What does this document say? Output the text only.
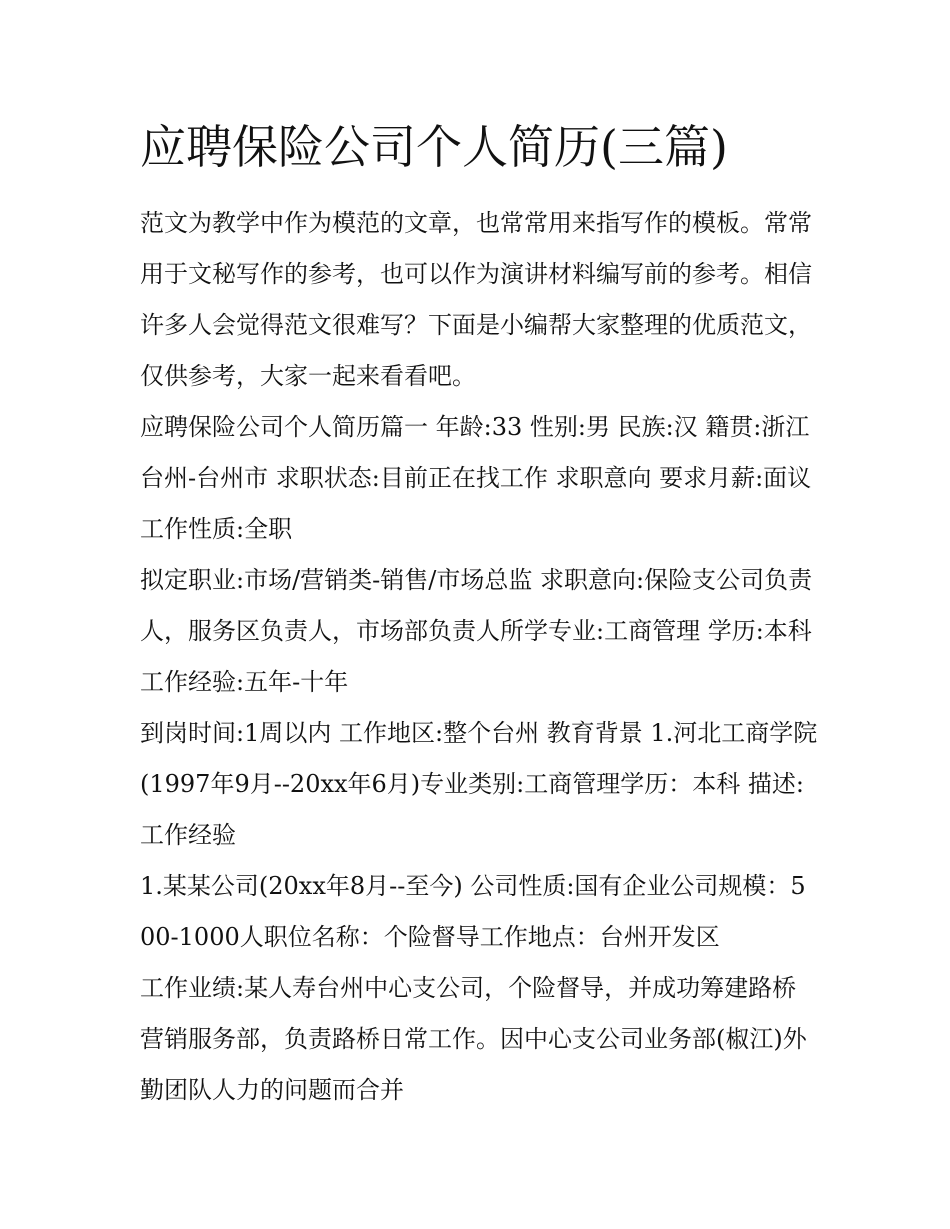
应聘保险公司个人简历(三篇)

范文为教学中作为模范的文章，也常常用来指写作的模板。常常用于文秘写作的参考，也可以作为演讲材料编写前的参考。相信许多人会觉得范文很难写？下面是小编帮大家整理的优质范文，仅供参考，大家一起来看看吧。

应聘保险公司个人简历篇一 年龄:33 性别:男 民族:汉 籍贯:浙江台州-台州市 求职状态:目前正在找工作 求职意向 要求月薪:面议 工作性质:全职

拟定职业:市场/营销类-销售/市场总监 求职意向:保险支公司负责人，服务区负责人，市场部负责人所学专业:工商管理 学历:本科 工作经验:五年-十年

到岗时间:1周以内 工作地区:整个台州 教育背景 1.河北工商学院(1997年9月--20xx年6月)专业类别:工商管理学历：本科 描述: 工作经验

1.某某公司(20xx年8月--至今) 公司性质:国有企业公司规模：500-1000人职位名称：个险督导工作地点：台州开发区

工作业绩:某人寿台州中心支公司，个险督导，并成功筹建路桥营销服务部，负责路桥日常工作。因中心支公司业务部(椒江)外勤团队人力的问题而合并
